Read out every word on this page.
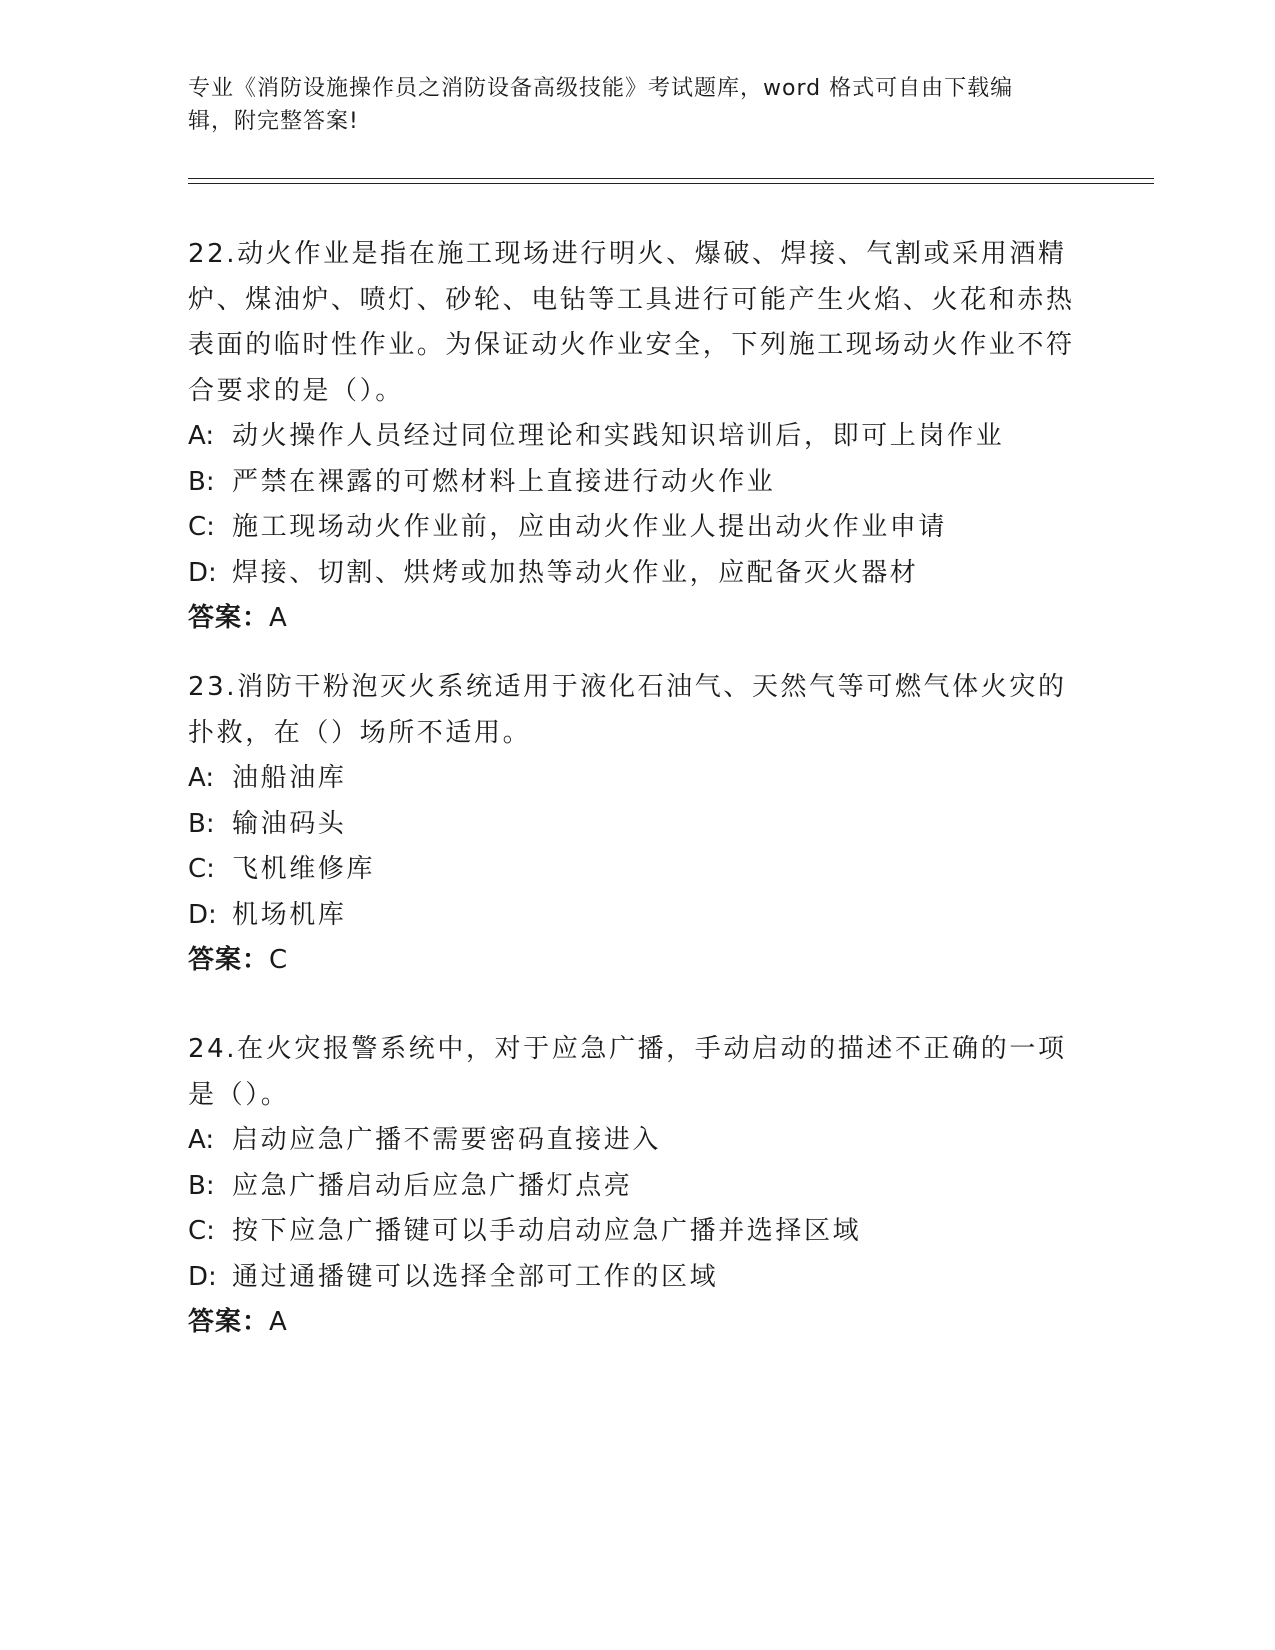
专业《消防设施操作员之消防设备高级技能》考试题库，word 格式可自由下载编
辑，附完整答案!

22.动火作业是指在施工现场进行明火、爆破、焊接、气割或采用酒精炉、煤油炉、喷灯、砂轮、电钻等工具进行可能产生火焰、火花和赤热表面的临时性作业。为保证动火作业安全，下列施工现场动火作业不符合要求的是（）。

A: 动火操作人员经过同位理论和实践知识培训后，即可上岗作业

B: 严禁在裸露的可燃材料上直接进行动火作业

C: 施工现场动火作业前，应由动火作业人提出动火作业申请

D: 焊接、切割、烘烤或加热等动火作业，应配备灭火器材

答案：A

23.消防干粉泡灭火系统适用于液化石油气、天然气等可燃气体火灾的扑救，在（）场所不适用。

A: 油船油库

B: 输油码头

C: 飞机维修库

D: 机场机库

答案：C

24.在火灾报警系统中，对于应急广播，手动启动的描述不正确的一项是（）。

A: 启动应急广播不需要密码直接进入

B: 应急广播启动后应急广播灯点亮

C: 按下应急广播键可以手动启动应急广播并选择区域

D: 通过通播键可以选择全部可工作的区域

答案：A
